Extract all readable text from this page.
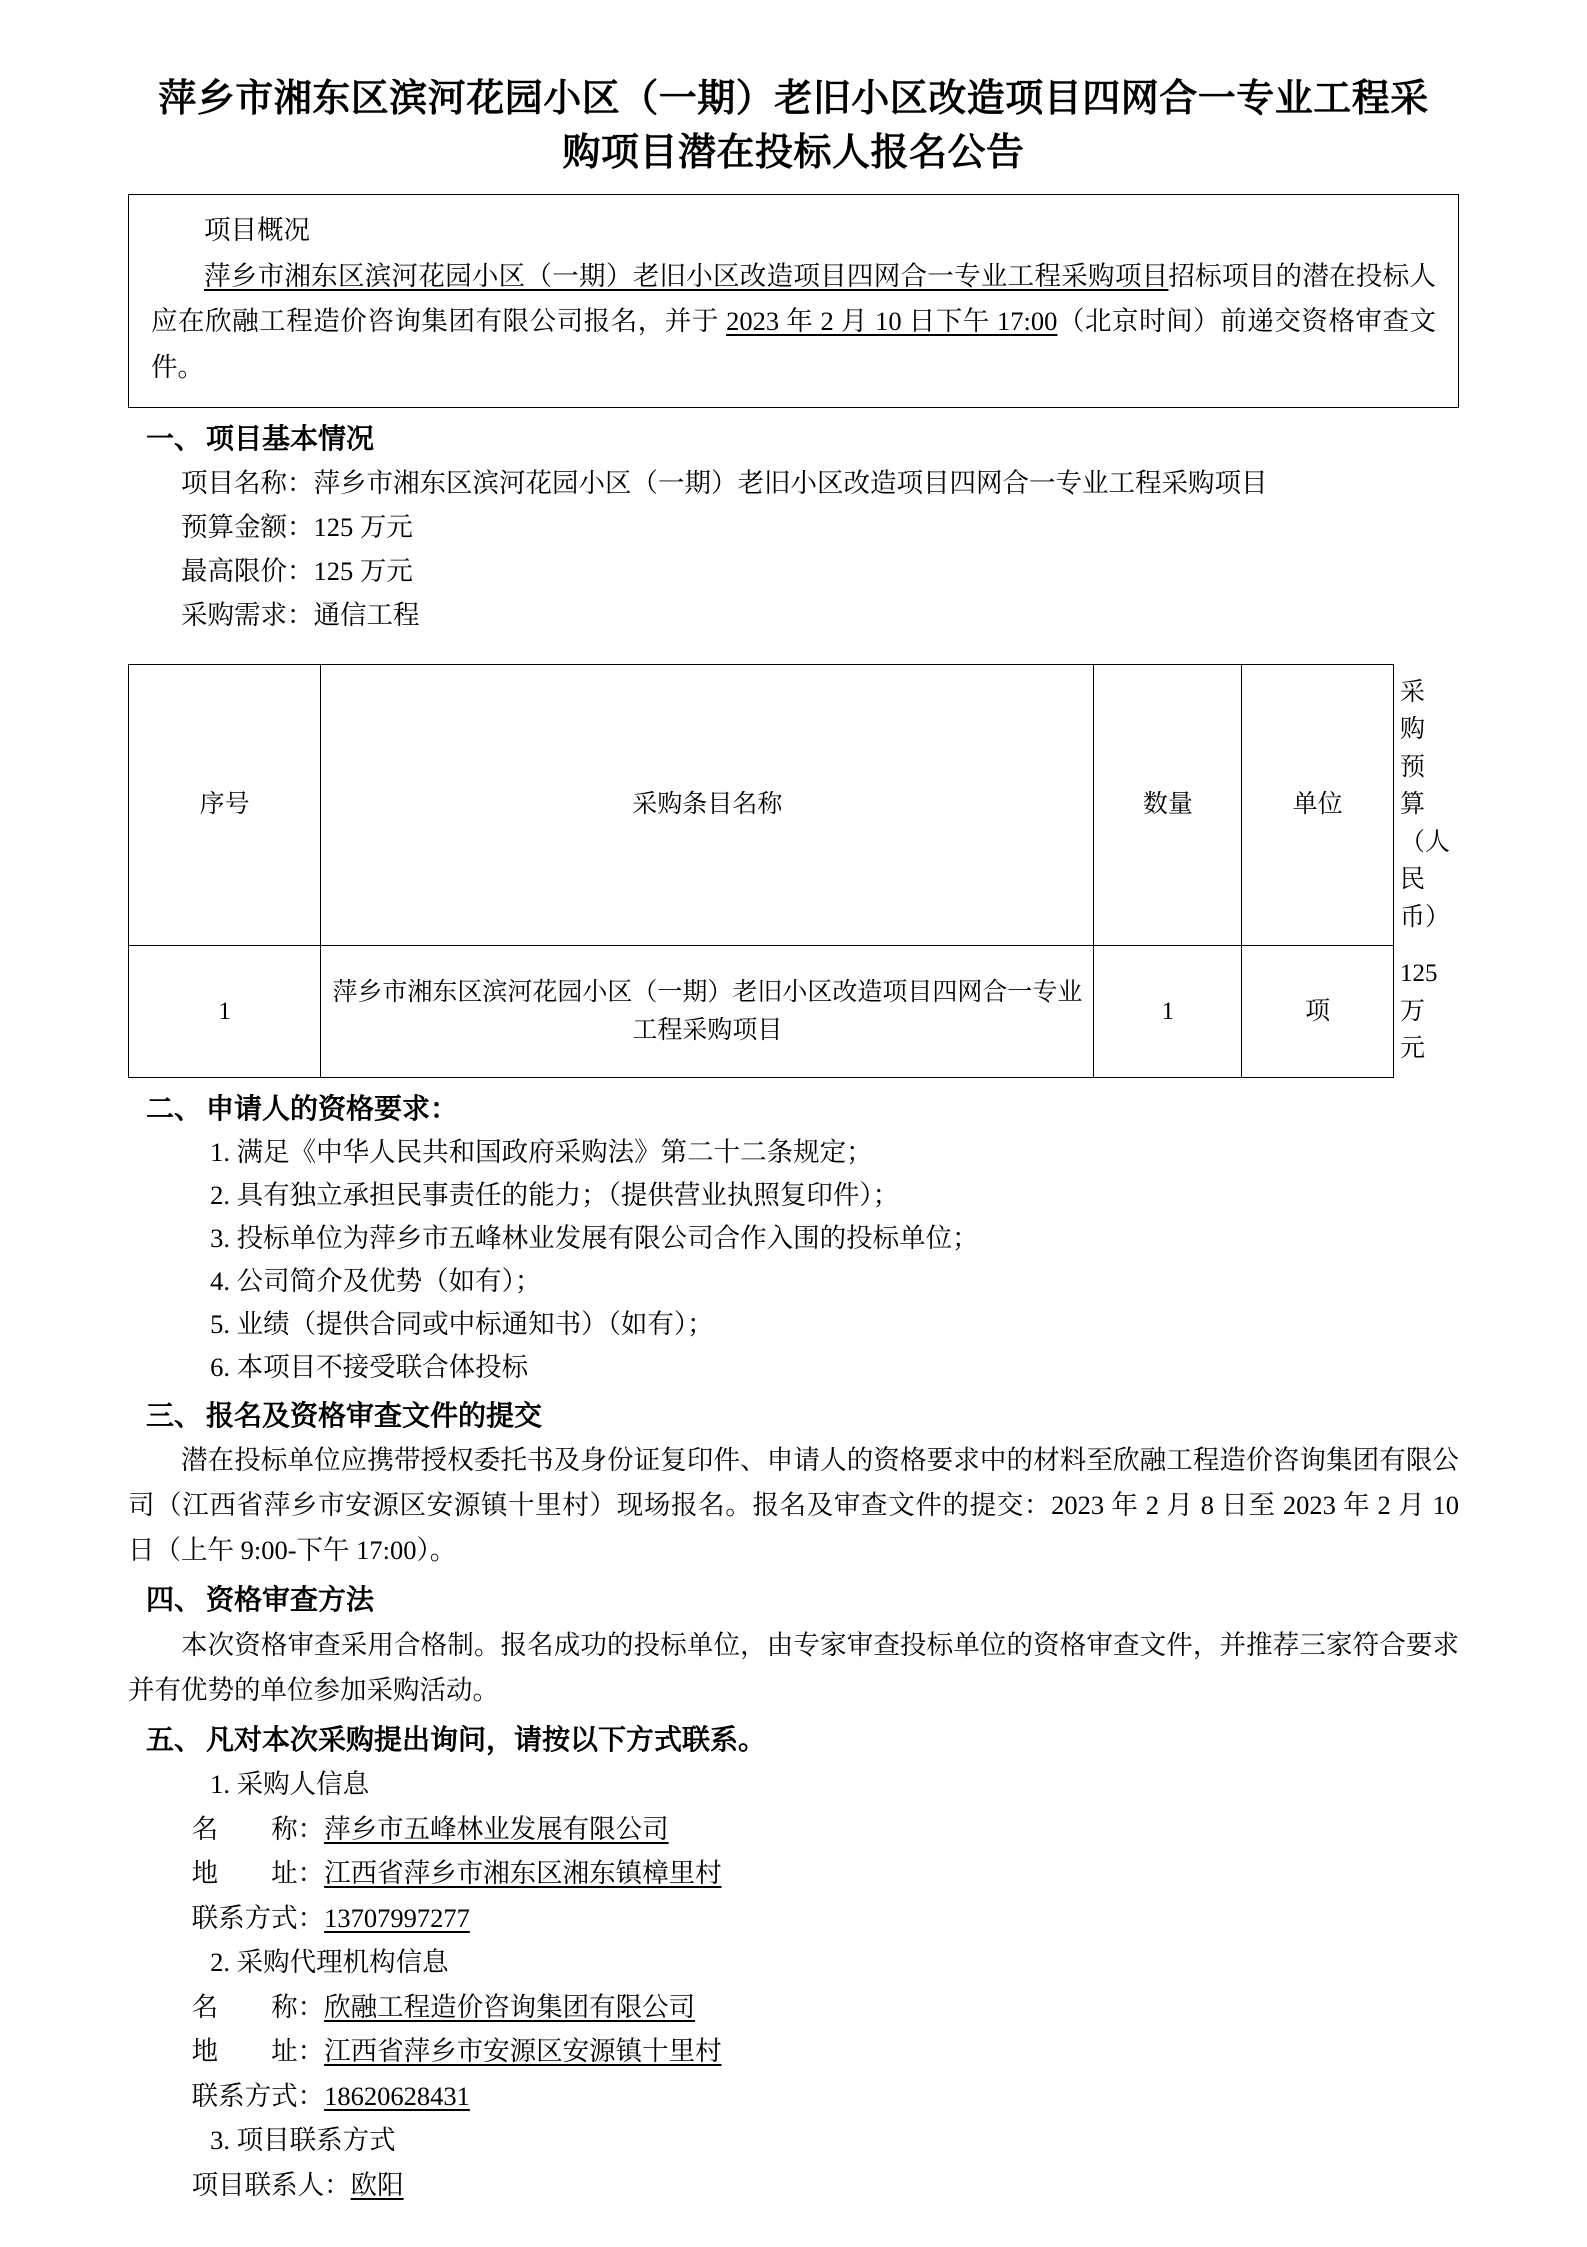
萍乡市湘东区滨河花园小区（一期）老旧小区改造项目四网合一专业工程采购项目潜在投标人报名公告

项目概况

萍乡市湘东区滨河花园小区（一期）老旧小区改造项目四网合一专业工程采购项目招标项目的潜在投标人应在欣融工程造价咨询集团有限公司报名，并于 2023 年 2 月 10 日下午 17:00（北京时间）前递交资格审查文件。

一、 项目基本情况

项目名称：萍乡市湘东区滨河花园小区（一期）老旧小区改造项目四网合一专业工程采购项目

预算金额：125 万元

最高限价：125 万元

采购需求：通信工程

序号	采购条目名称	数量	单位	采购预算
（人民币）

1	萍乡市湘东区滨河花园小区（一期）老旧小区改造项目四网合一专业工程采购项目	1	项	125 万元
二、 申请人的资格要求：

1. 满足《中华人民共和国政府采购法》第二十二条规定；

2. 具有独立承担民事责任的能力；（提供营业执照复印件）；

3. 投标单位为萍乡市五峰林业发展有限公司合作入围的投标单位；

4. 公司简介及优势（如有）；

5. 业绩（提供合同或中标通知书）（如有）；

6. 本项目不接受联合体投标

三、 报名及资格审查文件的提交

潜在投标单位应携带授权委托书及身份证复印件、申请人的资格要求中的材料至欣融工程造价咨询集团有限公司（江西省萍乡市安源区安源镇十里村）现场报名。报名及审查文件的提交：2023 年 2 月 8 日至 2023 年 2 月 10 日（上午 9:00-下午 17:00）。

四、 资格审查方法

本次资格审查采用合格制。报名成功的投标单位，由专家审查投标单位的资格审查文件，并推荐三家符合要求并有优势的单位参加采购活动。

五、 凡对本次采购提出询问，请按以下方式联系。

1. 采购人信息

名　　称：萍乡市五峰林业发展有限公司

地　　址：江西省萍乡市湘东区湘东镇樟里村

联系方式：13707997277

2. 采购代理机构信息

名　　称：欣融工程造价咨询集团有限公司

地　　址：江西省萍乡市安源区安源镇十里村

联系方式：18620628431

3. 项目联系方式

项目联系人：欧阳
